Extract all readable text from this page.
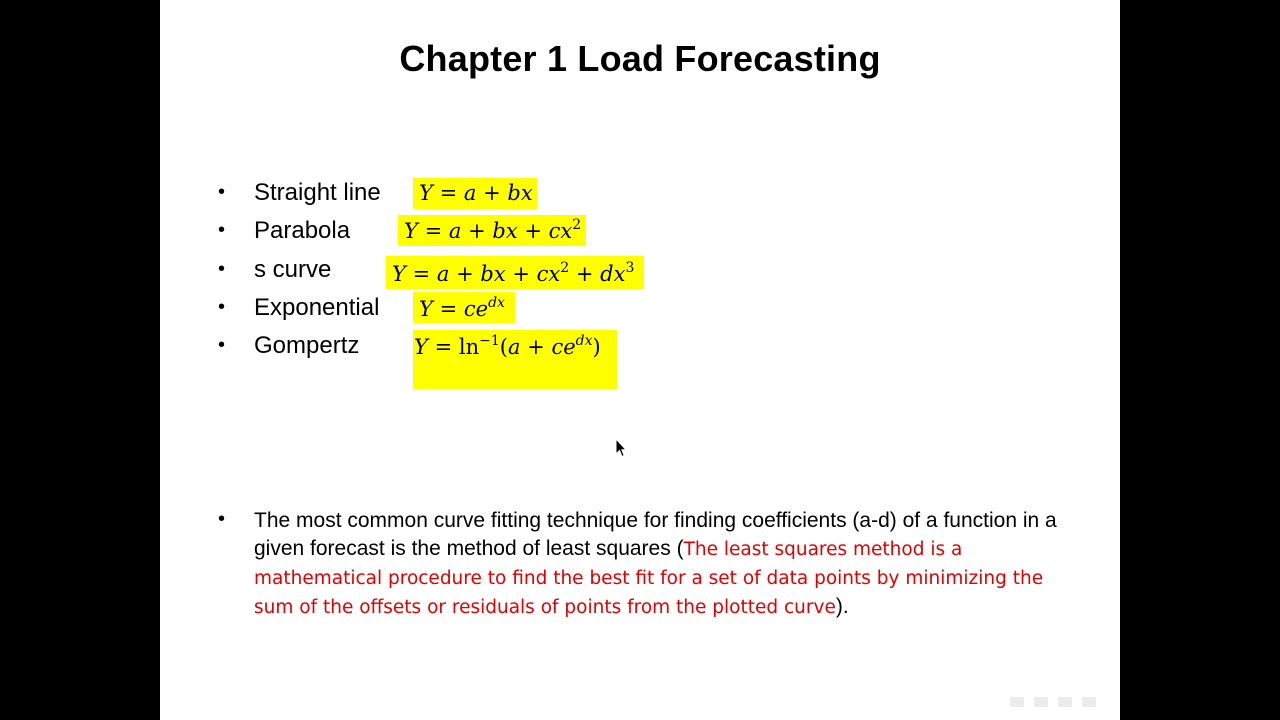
Chapter 1 Load Forecasting
• Straight line Y = a + bx
• Parabola	Y = a + bx + cx$^2$
• s curve	Y = a + bx + cx$^2$ + dx$^3$
• Exponential $Y = ce^{dx}$
• Gompertz	$Y = \ln^{-1}(a + ce^{dx})$
• The most common curve fitting technique for finding coefficients (a-d) of a function in a given forecast is the method of least squares (The least squares method is a mathematical procedure to find the best fit for a set of data points by minimizing the sum of the offsets or residuals of points from the plotted curve).
